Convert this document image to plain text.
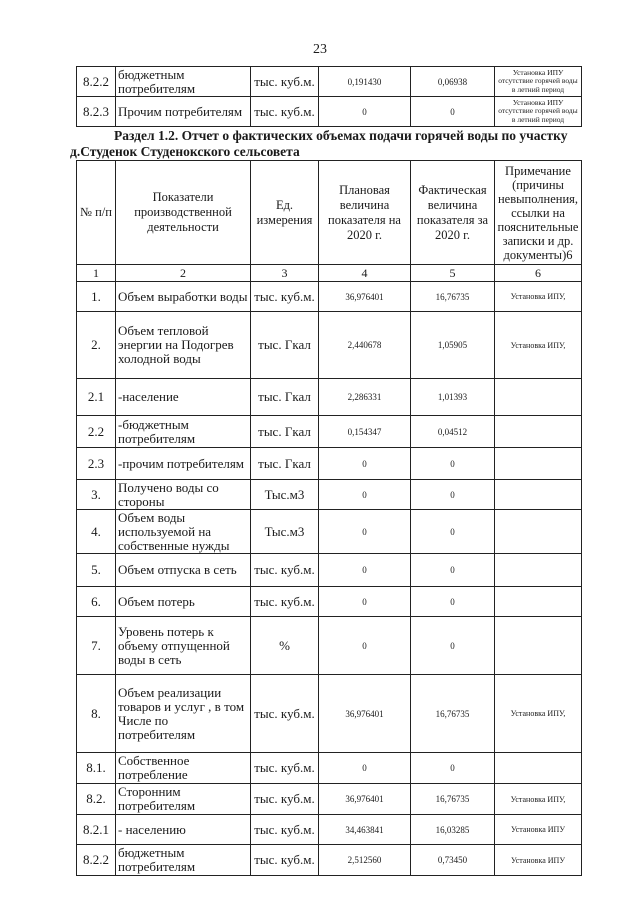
23
8.2.2	бюджетным потребителям	тыс. куб.м.	0,191430	0,06938	Установка ИПУ отсутствие горячей воды в летний период
8.2.3	Прочим потребителям	тыс. куб.м.	0	0	Установка ИПУ отсутствие горячей воды в летний период
Раздел 1.2. Отчет о фактических объемах подачи горячей воды по участку
д.Студенок Студенокского сельсовета
№ п/п	Показатели производственной деятельности	Ед. измерения	Плановая величина показателя на 2020 г.	Фактическая величина показателя за 2020 г.	Примечание (причины невыполнения, ссылки на пояснительные записки и др. документы)6
1	2	3	4	5	6
1.	Объем выработки воды	тыс. куб.м.	36,976401	16,76735	Установка ИПУ,
2.	Объем тепловой энергии на Подогрев холодной воды	тыс. Гкал	2,440678	1,05905	Установка ИПУ,
2.1	-население	тыс. Гкал	2,286331	1,01393	
2.2	-бюджетным потребителям	тыс. Гкал	0,154347	0,04512	
2.3	-прочим потребителям	тыс. Гкал	0	0	
3.	Получено воды со стороны	Тыс.м3	0	0	
4.	Объем воды используемой на собственные нужды	Тыс.м3	0	0	
5.	Объем отпуска в сеть	тыс. куб.м.	0	0	
6.	Объем потерь	тыс. куб.м.	0	0	
7.	Уровень потерь к объему отпущенной воды в сеть	%	0	0	
8.	Объем реализации товаров и услуг , в том Числе по потребителям	тыс. куб.м.	36,976401	16,76735	Установка ИПУ,
8.1.	Собственное потребление	тыс. куб.м.	0	0	
8.2.	Сторонним потребителям	тыс. куб.м.	36,976401	16,76735	Установка ИПУ,
8.2.1	- населению	тыс. куб.м.	34,463841	16,03285	Установка ИПУ
8.2.2	бюджетным потребителям	тыс. куб.м.	2,512560	0,73450	Установка ИПУ
